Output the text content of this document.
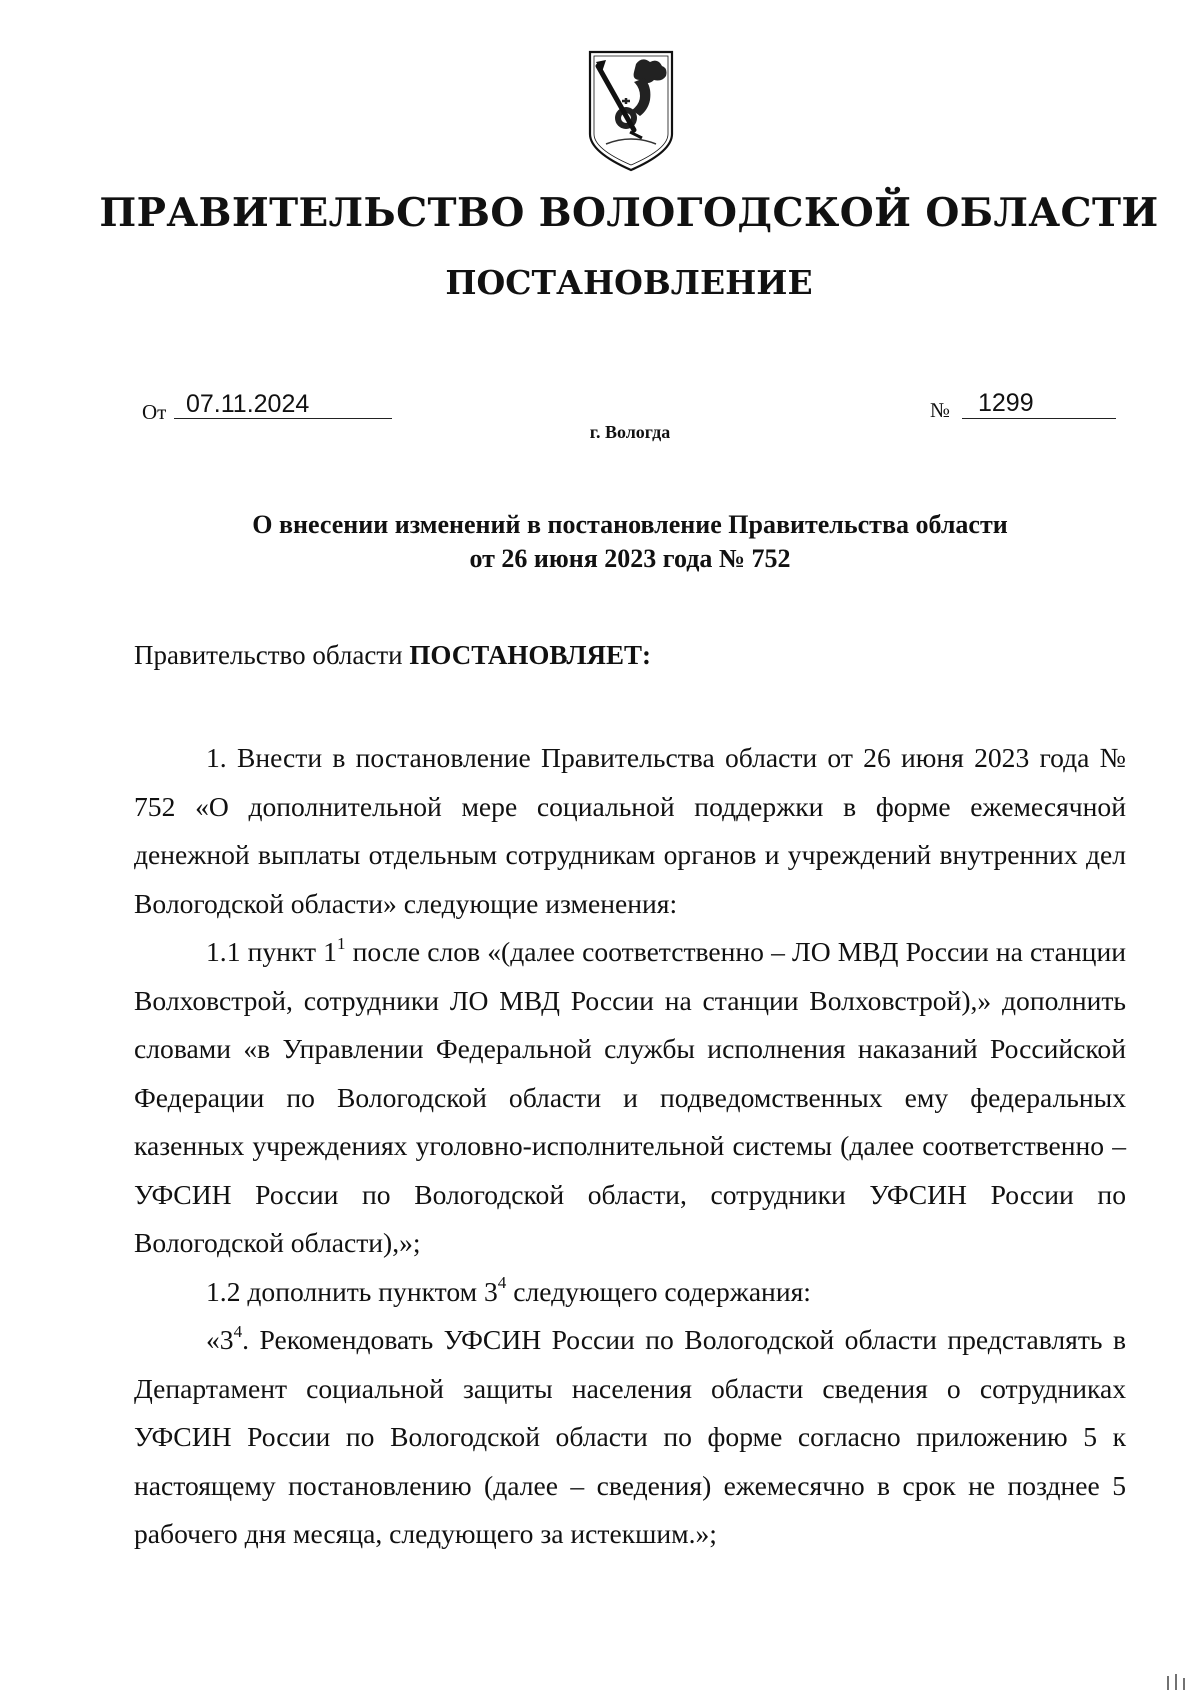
ПРАВИТЕЛЬСТВО ВОЛОГОДСКОЙ ОБЛАСТИ
ПОСТАНОВЛЕНИЕ
От 07.11.2024	№ 1299
г. Вологда
О внесении изменений в постановление Правительства области
от 26 июня 2023 года № 752
Правительство области ПОСТАНОВЛЯЕТ:

1. Внести в постановление Правительства области от 26 июня 2023 года № 752 «О дополнительной мере социальной поддержки в форме ежемесячной денежной выплаты отдельным сотрудникам органов и учреждений внутренних дел Вологодской области» следующие изменения:

1.1 пункт $1^1$ после слов «(далее соответственно – ЛО МВД России на станции Волховстрой, сотрудники ЛО МВД России на станции Волховстрой),» дополнить словами «в Управлении Федеральной службы исполнения наказаний Российской Федерации по Вологодской области и подведомственных ему федеральных казенных учреждениях уголовно-исполнительной системы (далее соответственно – УФСИН России по Вологодской области, сотрудники УФСИН России по Вологодской области),»;

1.2 дополнить пунктом $3^4$ следующего содержания:

«$3^4$. Рекомендовать УФСИН России по Вологодской области представлять в Департамент социальной защиты населения области сведения о сотрудниках УФСИН России по Вологодской области по форме согласно приложению 5 к настоящему постановлению (далее – сведения) ежемесячно в срок не позднее 5 рабочего дня месяца, следующего за истекшим.»;
